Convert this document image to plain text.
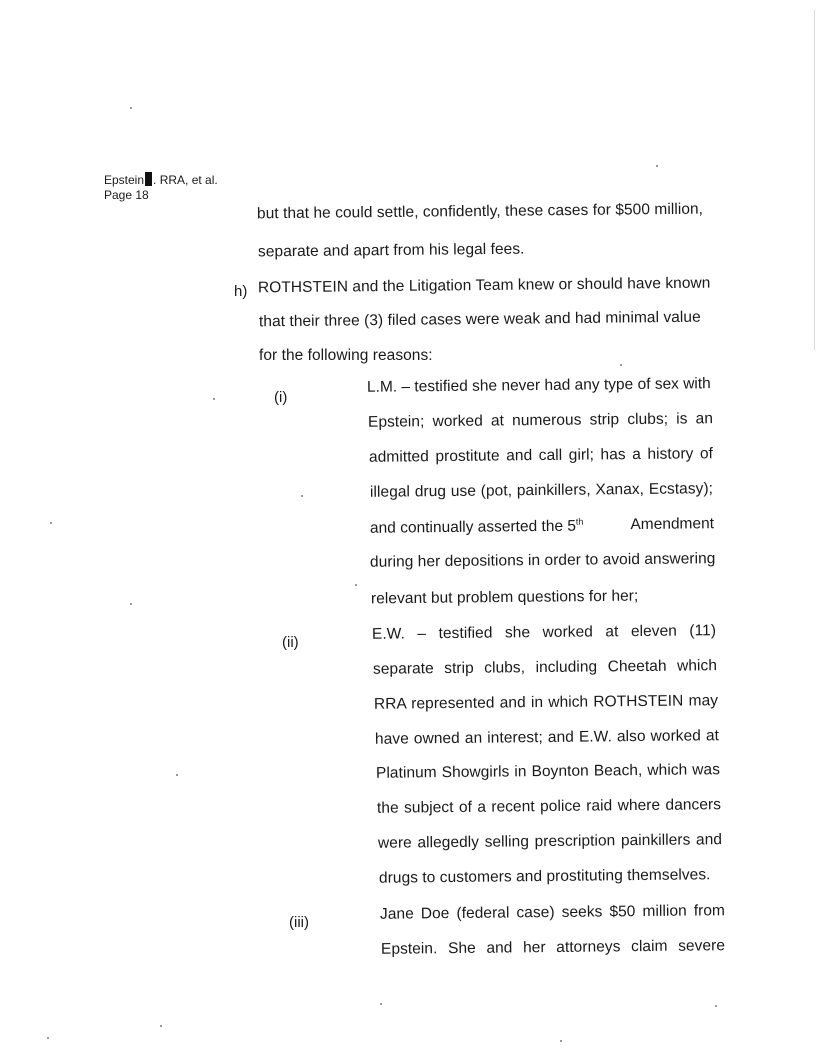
Epstein . RRA, et al.
Page 18
but that he could settle, confidently, these cases for $500 million,
separate and apart from his legal fees.
h) ROTHSTEIN and the Litigation Team knew or should have known
that their three (3) filed cases were weak and had minimal value
for the following reasons:
(i)
L.M. – testified she never had any type of sex with
Epstein; worked at numerous strip clubs; is an
admitted prostitute and call girl; has a history of
illegal drug use (pot, painkillers, Xanax, Ecstasy);
and continually asserted the 5th	Amendment
during her depositions in order to avoid answering
relevant but problem questions for her;
(ii)	E.W. – testified she worked at eleven (11)
separate strip clubs, including Cheetah which
RRA represented and in which ROTHSTEIN may
have owned an interest; and E.W. also worked at
Platinum Showgirls in Boynton Beach, which was
the subject of a recent police raid where dancers
were allegedly selling prescription painkillers and
drugs to customers and prostituting themselves.
(iii)	Jane Doe (federal case) seeks $50 million from
Epstein. She and her attorneys claim severe
